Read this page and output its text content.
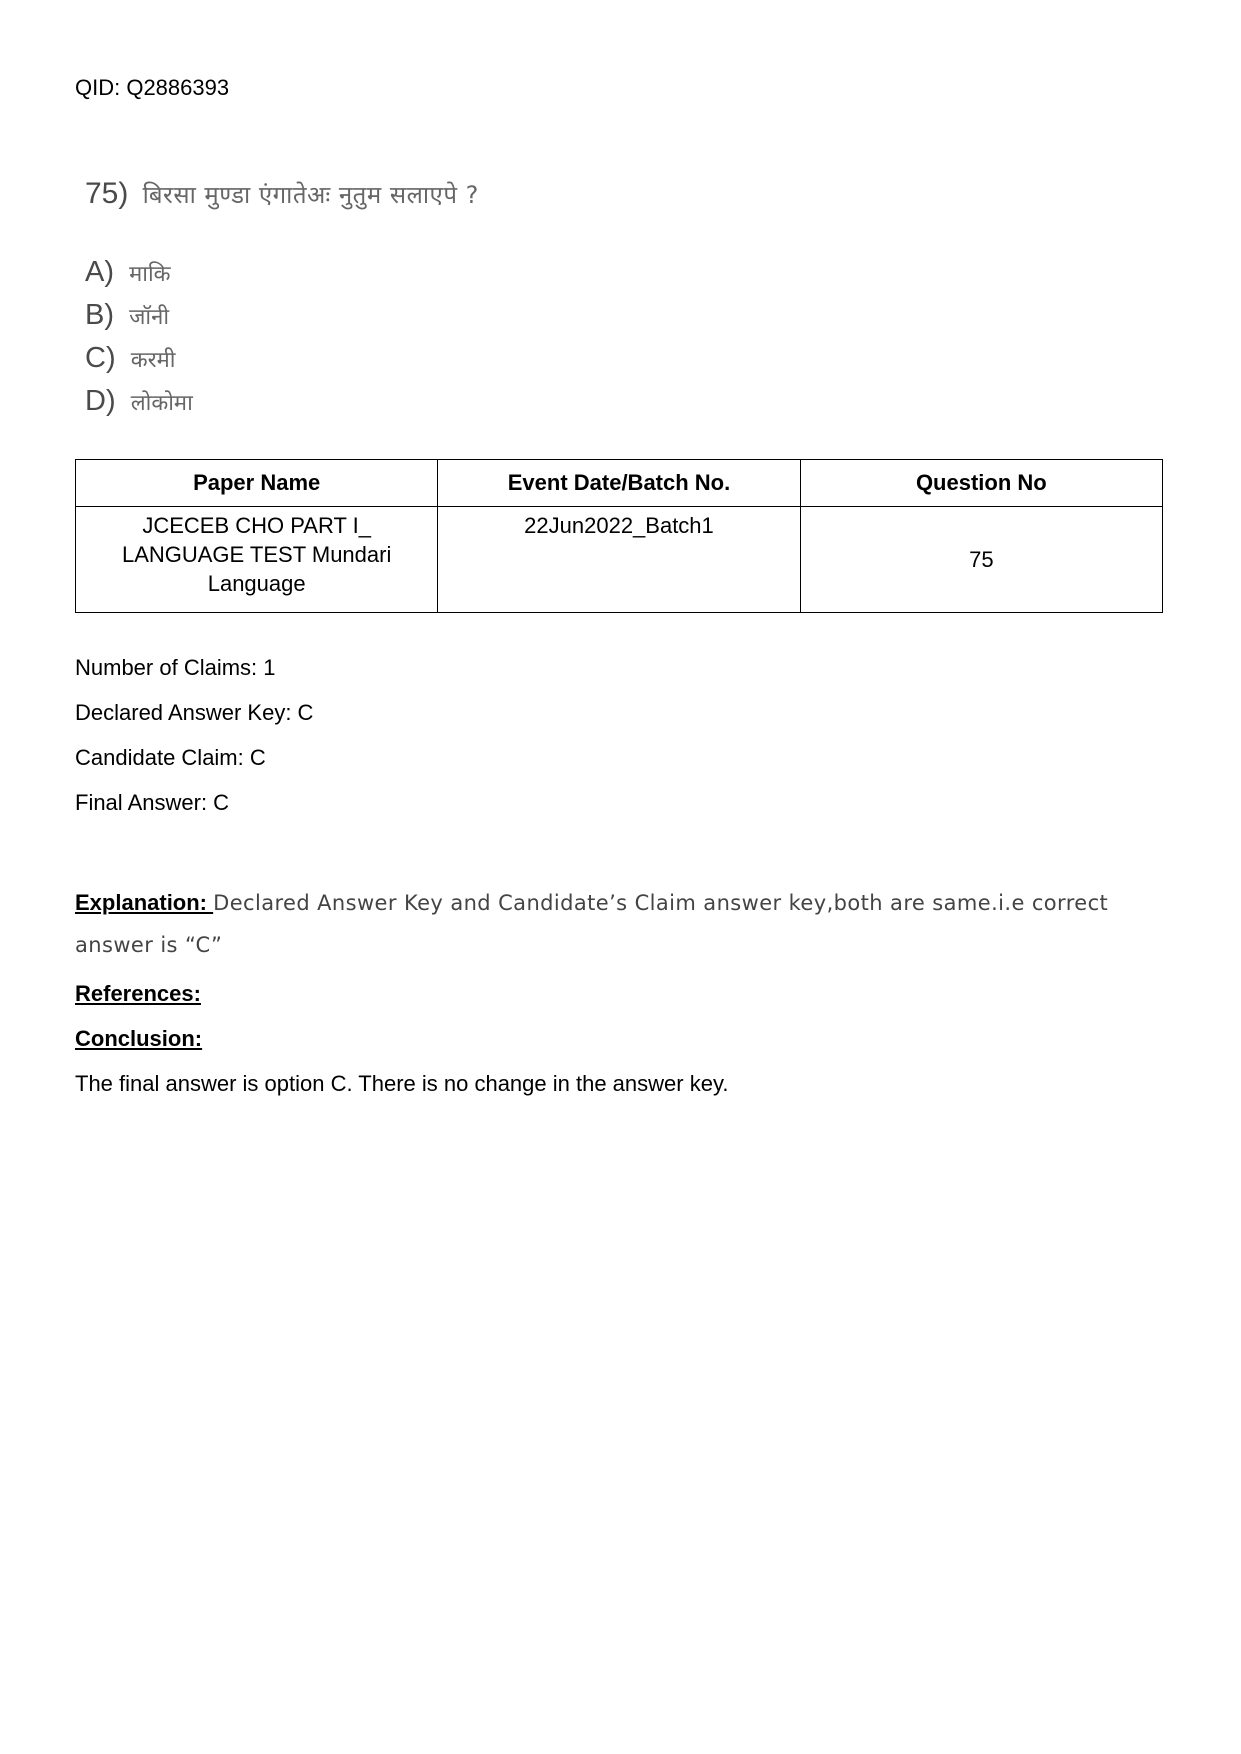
QID: Q2886393
75) बिरसा मुण्डा एंगातेअः नुतुम सलाएपे ?
A) माकि
B) जॉनी
C) करमी
D) लोकोमा
Paper Name	Event Date/Batch No.	Question No
JCECEB CHO PART I_ LANGUAGE TEST Mundari Language	22Jun2022_Batch1	75
Number of Claims: 1
Declared Answer Key: C
Candidate Claim: C
Final Answer: C
Explanation: Declared Answer Key and Candidate’s Claim answer key,both are same.i.e correct answer is “C”
References:
Conclusion:
The final answer is option C. There is no change in the answer key.
